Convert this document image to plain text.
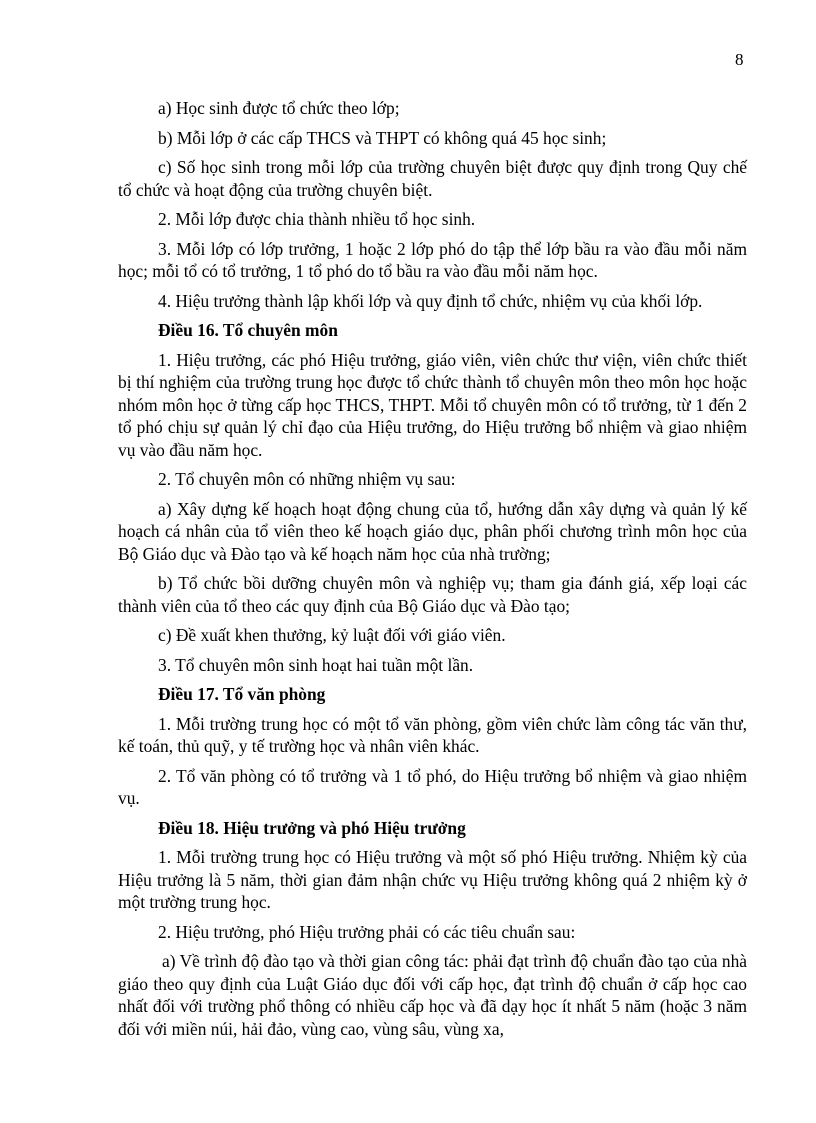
8

a) Học sinh được tổ chức theo lớp;

b) Mỗi lớp ở các cấp THCS và THPT có không quá 45 học sinh;

c) Số học sinh trong mỗi lớp của trường chuyên biệt được quy định trong Quy chế tổ chức và hoạt động của trường chuyên biệt.

2. Mỗi lớp được chia thành nhiều tổ học sinh.

3. Mỗi lớp có lớp trưởng, 1 hoặc 2 lớp phó do tập thể lớp bầu ra vào đầu mỗi năm học; mỗi tổ có tổ trưởng, 1 tổ phó do tổ bầu ra vào đầu mỗi năm học.

4. Hiệu trưởng thành lập khối lớp và quy định tổ chức, nhiệm vụ của khối lớp.

Điều 16. Tổ chuyên môn

1. Hiệu trưởng, các phó Hiệu trưởng, giáo viên, viên chức thư viện, viên chức thiết bị thí nghiệm của trường trung học được tổ chức thành tổ chuyên môn theo môn học hoặc nhóm môn học ở từng cấp học THCS, THPT. Mỗi tổ chuyên môn có tổ trưởng, từ 1 đến 2 tổ phó chịu sự quản lý chỉ đạo của Hiệu trưởng, do Hiệu trưởng bổ nhiệm và giao nhiệm vụ vào đầu năm học.

2. Tổ chuyên môn có những nhiệm vụ sau:

a) Xây dựng kế hoạch hoạt động chung của tổ, hướng dẫn xây dựng và quản lý kế hoạch cá nhân của tổ viên theo kế hoạch giáo dục, phân phối chương trình môn học của Bộ Giáo dục và Đào tạo và kế hoạch năm học của nhà trường;

b) Tổ chức bồi dưỡng chuyên môn và nghiệp vụ; tham gia đánh giá, xếp loại các thành viên của tổ theo các quy định của Bộ Giáo dục và Đào tạo;

c) Đề xuất khen thưởng, kỷ luật đối với giáo viên.

3. Tổ chuyên môn sinh hoạt hai tuần một lần.

Điều 17. Tổ văn phòng

1. Mỗi trường trung học có một tổ văn phòng, gồm viên chức làm công tác văn thư, kế toán, thủ quỹ, y tế trường học và nhân viên khác.

2. Tổ văn phòng có tổ trưởng và 1 tổ phó, do Hiệu trưởng bổ nhiệm và giao nhiệm vụ.

Điều 18. Hiệu trưởng và phó Hiệu trưởng

1. Mỗi trường trung học có Hiệu trưởng và một số phó Hiệu trưởng. Nhiệm kỳ của Hiệu trưởng là 5 năm, thời gian đảm nhận chức vụ Hiệu trưởng không quá 2 nhiệm kỳ ở một trường trung học.

2. Hiệu trưởng, phó Hiệu trưởng phải có các tiêu chuẩn sau:

a) Về trình độ đào tạo và thời gian công tác: phải đạt trình độ chuẩn đào tạo của nhà giáo theo quy định của Luật Giáo dục đối với cấp học, đạt trình độ chuẩn ở cấp học cao nhất đối với trường phổ thông có nhiều cấp học và đã dạy học ít nhất 5 năm (hoặc 3 năm đối với miền núi, hải đảo, vùng cao, vùng sâu, vùng xa,
